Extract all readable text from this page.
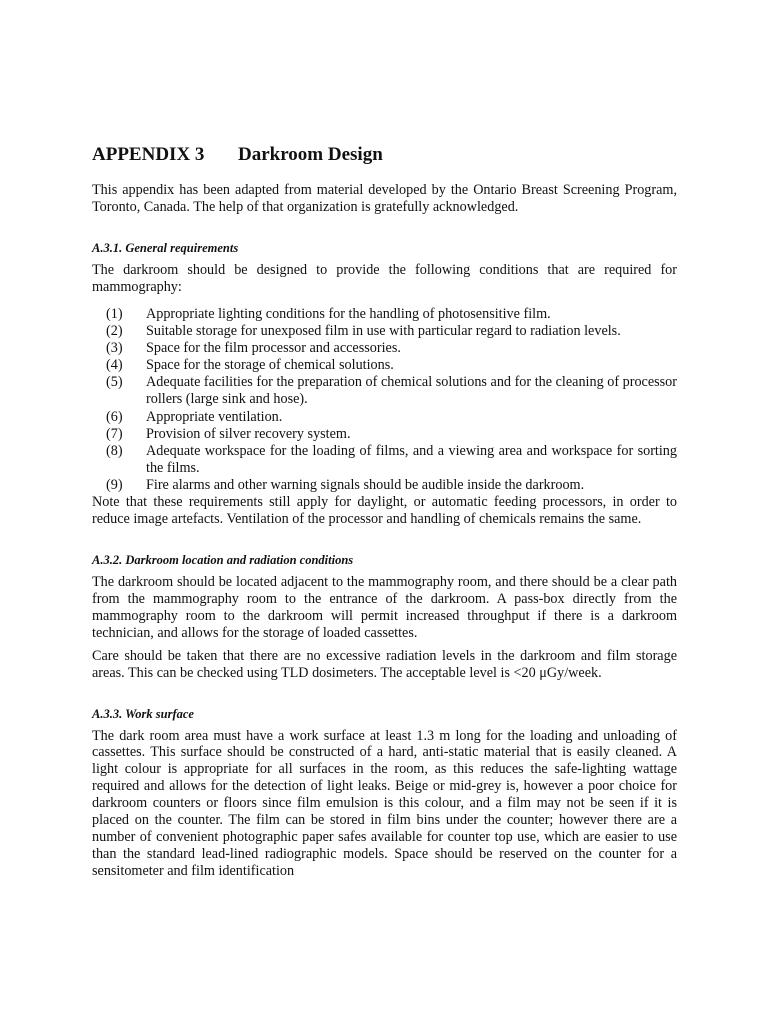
APPENDIX 3 Darkroom Design

This appendix has been adapted from material developed by the Ontario Breast Screening Program, Toronto, Canada. The help of that organization is gratefully acknowledged.

A.3.1. General requirements

The darkroom should be designed to provide the following conditions that are required for mammography:

(1)	Appropriate lighting conditions for the handling of photosensitive film.
(2)	Suitable storage for unexposed film in use with particular regard to radiation levels.
(3)	Space for the film processor and accessories.
(4)	Space for the storage of chemical solutions.
(5)	Adequate facilities for the preparation of chemical solutions and for the cleaning of processor rollers (large sink and hose).
(6)	Appropriate ventilation.
(7)	Provision of silver recovery system.
(8)	Adequate workspace for the loading of films, and a viewing area and workspace for sorting the films.
(9)	Fire alarms and other warning signals should be audible inside the darkroom.

Note that these requirements still apply for daylight, or automatic feeding processors, in order to reduce image artefacts. Ventilation of the processor and handling of chemicals remains the same.

A.3.2. Darkroom location and radiation conditions

The darkroom should be located adjacent to the mammography room, and there should be a clear path from the mammography room to the entrance of the darkroom. A pass-box directly from the mammography room to the darkroom will permit increased throughput if there is a darkroom technician, and allows for the storage of loaded cassettes.

Care should be taken that there are no excessive radiation levels in the darkroom and film storage areas. This can be checked using TLD dosimeters. The acceptable level is <20 μGy/week.

A.3.3. Work surface

The dark room area must have a work surface at least 1.3 m long for the loading and unloading of cassettes. This surface should be constructed of a hard, anti-static material that is easily cleaned. A light colour is appropriate for all surfaces in the room, as this reduces the safe-lighting wattage required and allows for the detection of light leaks. Beige or mid-grey is, however a poor choice for darkroom counters or floors since film emulsion is this colour, and a film may not be seen if it is placed on the counter. The film can be stored in film bins under the counter; however there are a number of convenient photographic paper safes available for counter top use, which are easier to use than the standard lead-lined radiographic models. Space should be reserved on the counter for a sensitometer and film identification
